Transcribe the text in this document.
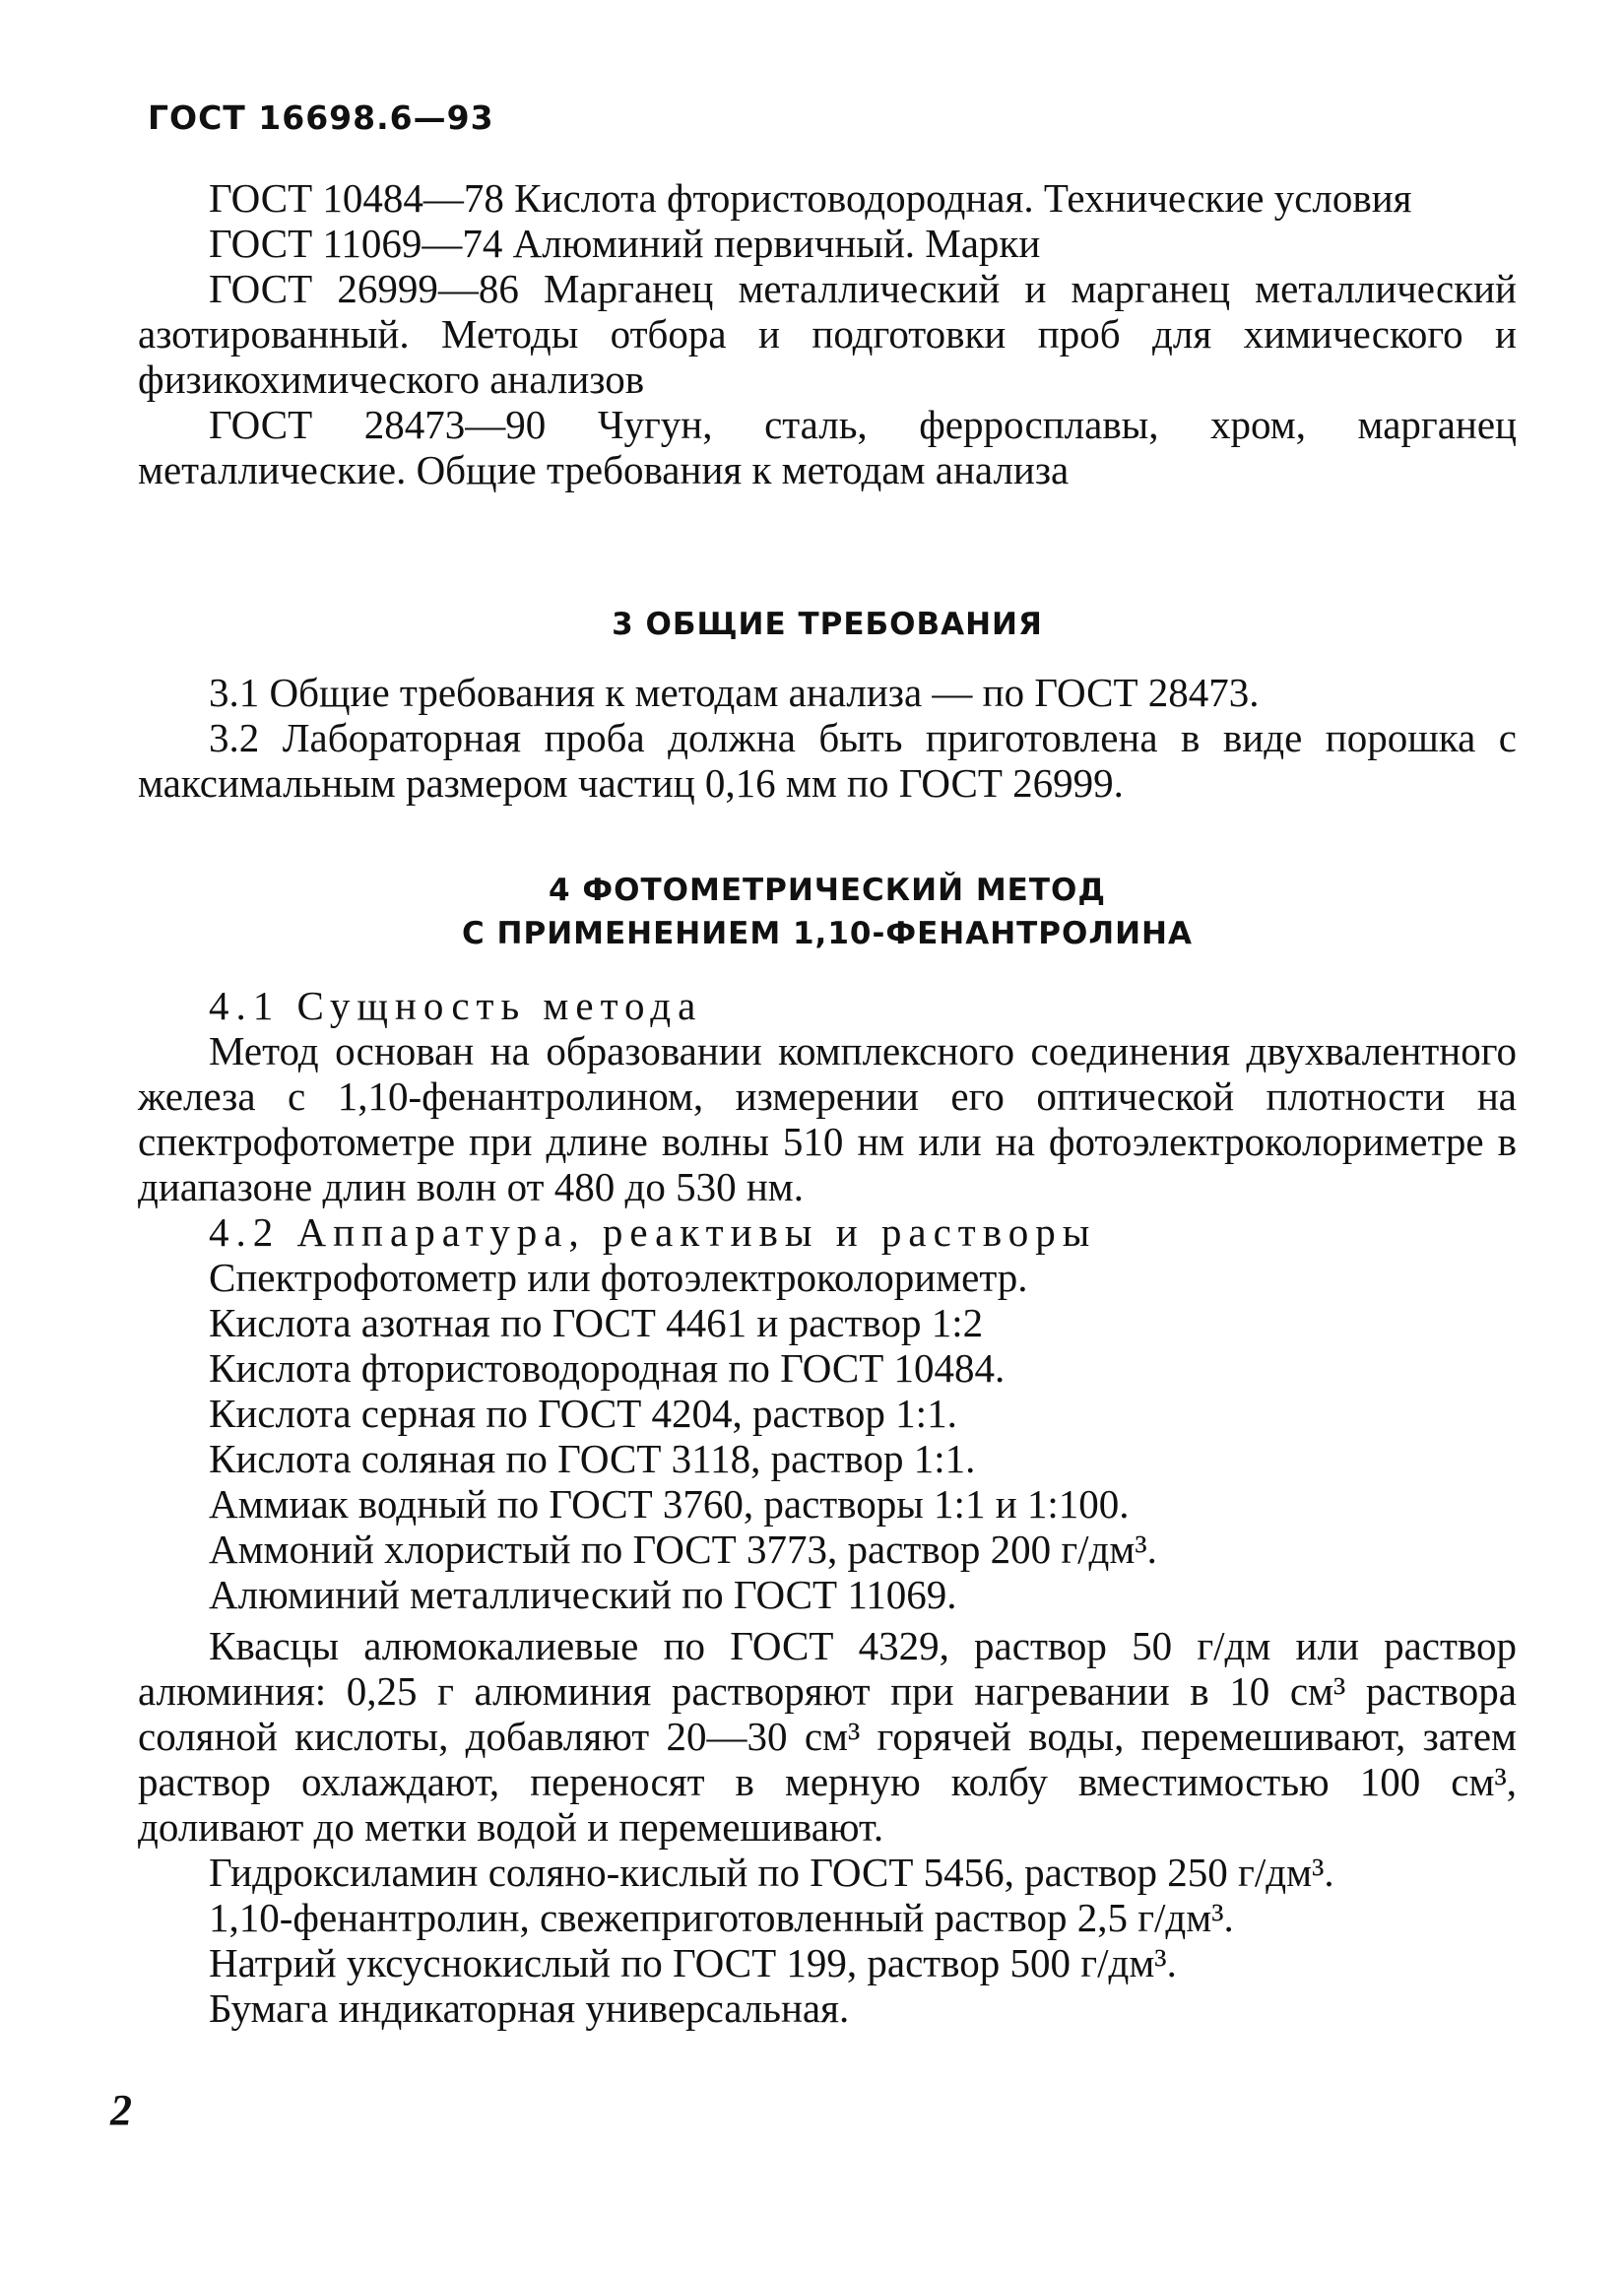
ГОСТ 16698.6—93

ГОСТ 10484—78 Кислота фтористоводородная. Технические условия

ГОСТ 11069—74 Алюминий первичный. Марки

ГОСТ 26999—86 Марганец металлический и марганец металлический азотированный. Методы отбора и подготовки проб для химического и физикохимического анализов

ГОСТ 28473—90 Чугун, сталь, ферросплавы, хром, марганец металлические. Общие требования к методам анализа

3 ОБЩИЕ ТРЕБОВАНИЯ

3.1 Общие требования к методам анализа — по ГОСТ 28473.

3.2 Лабораторная проба должна быть приготовлена в виде порошка с максимальным размером частиц 0,16 мм по ГОСТ 26999.

4 ФОТОМЕТРИЧЕСКИЙ МЕТОД
С ПРИМЕНЕНИЕМ 1,10-ФЕНАНТРОЛИНА

4.1 Сущность метода

Метод основан на образовании комплексного соединения двухвалентного железа с 1,10-фенантролином, измерении его оптической плотности на спектрофотометре при длине волны 510 нм или на фотоэлектроколориметре в диапазоне длин волн от 480 до 530 нм.

4.2 Аппаратура, реактивы и растворы

Спектрофотометр или фотоэлектроколориметр.

Кислота азотная по ГОСТ 4461 и раствор 1:2

Кислота фтористоводородная по ГОСТ 10484.

Кислота серная по ГОСТ 4204, раствор 1:1.

Кислота соляная по ГОСТ 3118, раствор 1:1.

Аммиак водный по ГОСТ 3760, растворы 1:1 и 1:100.

Аммоний хлористый по ГОСТ 3773, раствор 200 г/дм³.

Алюминий металлический по ГОСТ 11069.

Квасцы алюмокалиевые по ГОСТ 4329, раствор 50 г/дм или раствор алюминия: 0,25 г алюминия растворяют при нагревании в 10 см³ раствора соляной кислоты, добавляют 20—30 см³ горячей воды, перемешивают, затем раствор охлаждают, переносят в мерную колбу вместимостью 100 см³, доливают до метки водой и перемешивают.

Гидроксиламин соляно-кислый по ГОСТ 5456, раствор 250 г/дм³.

1,10-фенантролин, свежеприготовленный раствор 2,5 г/дм³.

Натрий уксуснокислый по ГОСТ 199, раствор 500 г/дм³.

Бумага индикаторная универсальная.

2
